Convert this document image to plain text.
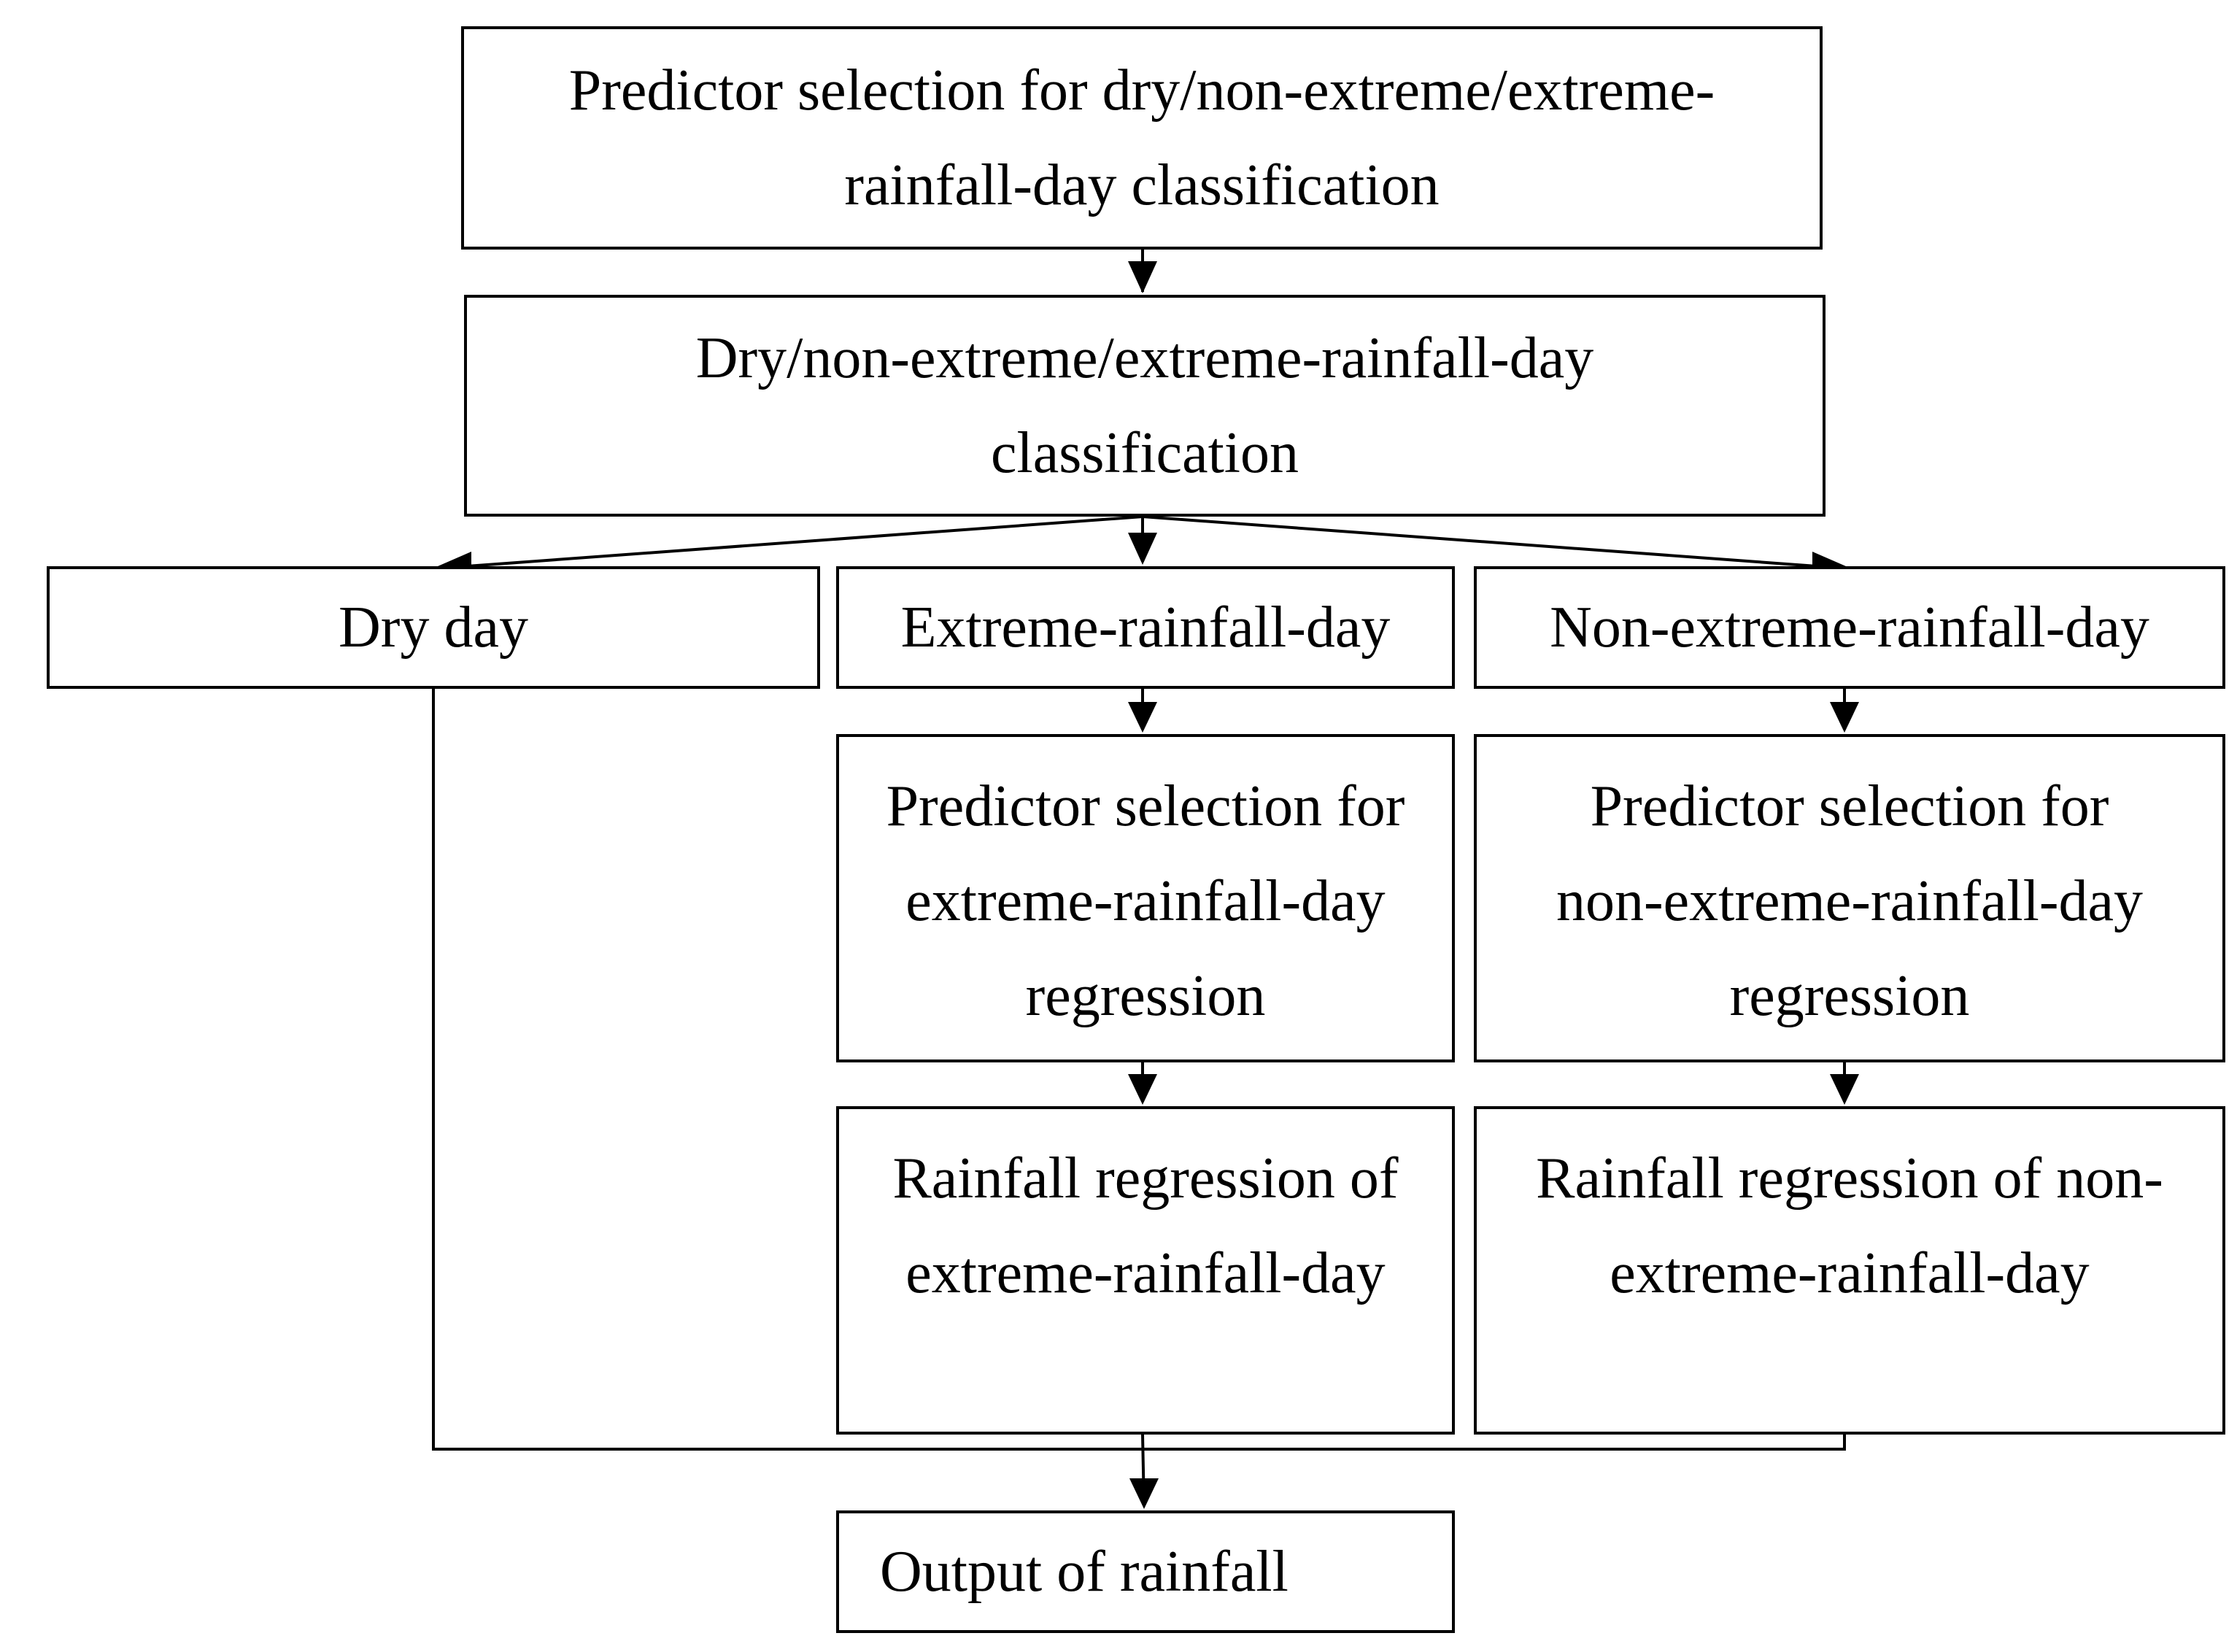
Predictor selection for dry/non-extreme/extreme-rainfall-day classification
Dry/non-extreme/extreme-rainfall-day classification
Dry day	Extreme-rainfall-day	Non-extreme-rainfall-day
Predictor selection for extreme-rainfall-day regression
Predictor selection for non-extreme-rainfall-day regression
Rainfall regression of extreme-rainfall-day
Rainfall regression of non-extreme-rainfall-day
Output of rainfall
